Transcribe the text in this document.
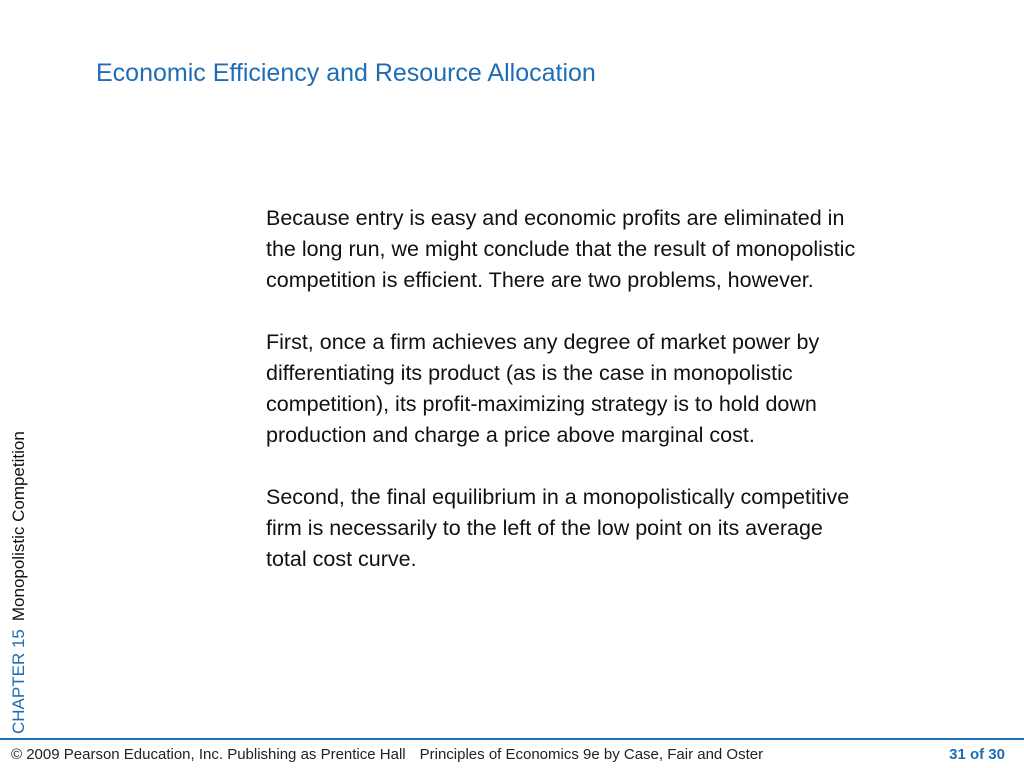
Economic Efficiency and Resource Allocation
CHAPTER 15Monopolistic Competition

Because entry is easy and economic profits are eliminated in the long run, we might conclude that the result of monopolistic competition is efficient. There are two problems, however.

First, once a firm achieves any degree of market power by differentiating its product (as is the case in monopolistic competition), its profit-maximizing strategy is to hold down production and charge a price above marginal cost.

Second, the final equilibrium in a monopolistically competitive firm is necessarily to the left of the low point on its average total cost curve.

© 2009 Pearson Education, Inc. Publishing as Prentice Hall Principles of Economics 9e by Case, Fair and Oster	31 of 30
